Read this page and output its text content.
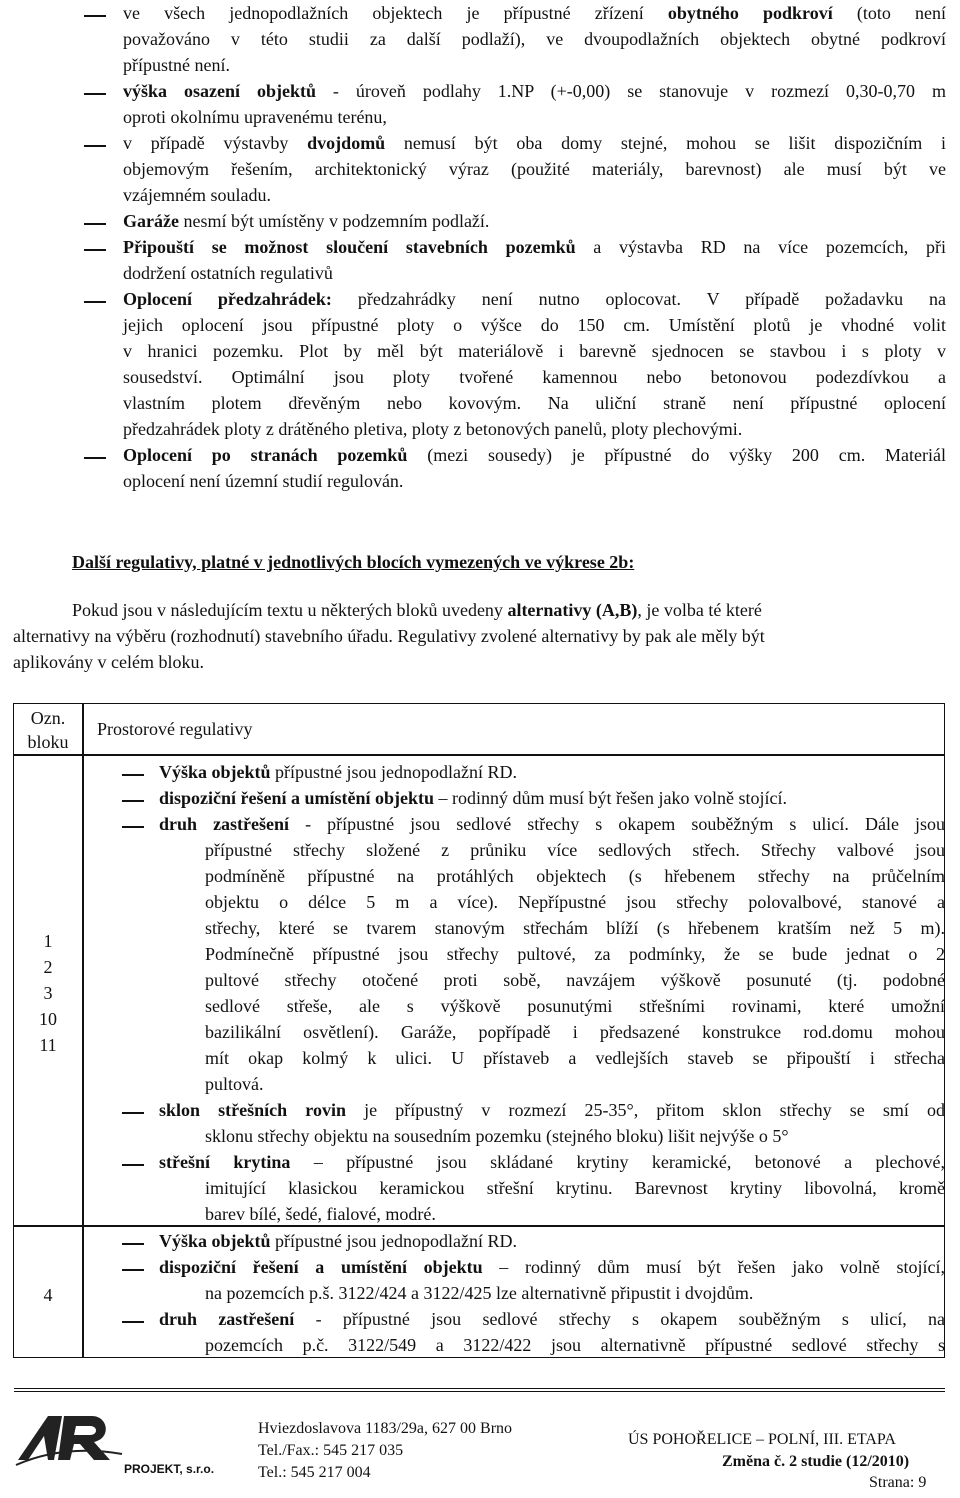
ve všech jednopodlažních objektech je přípustné zřízení obytného podkroví (toto není
považováno v této studii za další podlaží), ve dvoupodlažních objektech obytné podkroví
přípustné není.
výška osazení objektů - úroveň podlahy 1.NP (+-0,00) se stanovuje v rozmezí 0,30-0,70 m
oproti okolnímu upravenému terénu,
v případě výstavby dvojdomů nemusí být oba domy stejné, mohou se lišit dispozičním i
objemovým řešením, architektonický výraz (použité materiály, barevnost) ale musí být ve
vzájemném souladu.
Garáže nesmí být umístěny v podzemním podlaží.
Připouští se možnost sloučení stavebních pozemků a výstavba RD na více pozemcích, při
dodržení ostatních regulativů
Oplocení předzahrádek: předzahrádky není nutno oplocovat. V případě požadavku na
jejich oplocení jsou přípustné ploty o výšce do 150 cm. Umístění plotů je vhodné volit
v hranici pozemku. Plot by měl být materiálově i barevně sjednocen se stavbou i s ploty v
sousedství. Optimální jsou ploty tvořené kamennou nebo betonovou podezdívkou a
vlastním plotem dřevěným nebo kovovým. Na uliční straně není přípustné oplocení
předzahrádek ploty z drátěného pletiva, ploty z betonových panelů, ploty plechovými.
Oplocení po stranách pozemků (mezi sousedy) je přípustné do výšky 200 cm. Materiál
oplocení není územní studií regulován.
Další regulativy, platné v jednotlivých blocích vymezených ve výkrese 2b:
Pokud jsou v následujícím textu u některých bloků uvedeny alternativy (A,B), je volba té které
alternativy na výběru (rozhodnutí) stavebního úřadu. Regulativy zvolené alternativy by pak ale měly být
aplikovány v celém bloku.
Ozn.
bloku
Prostorové regulativy
1
2
3
10
11
Výška objektů přípustné jsou jednopodlažní RD.
dispoziční řešení a umístění objektu – rodinný dům musí být řešen jako volně stojící.
druh zastřešení - přípustné jsou sedlové střechy s okapem souběžným s ulicí. Dále jsou
přípustné střechy složené z průniku více sedlových střech. Střechy valbové jsou
podmíněně přípustné na protáhlých objektech (s hřebenem střechy na průčelním
objektu o délce 5 m a více). Nepřípustné jsou střechy polovalbové, stanové a
střechy, které se tvarem stanovým střechám blíží (s hřebenem kratším než 5 m).
Podmínečně přípustné jsou střechy pultové, za podmínky, že se bude jednat o 2
pultové střechy otočené proti sobě, navzájem výškově posunuté (tj. podobné
sedlové střeše, ale s výškově posunutými střešními rovinami, které umožní
bazilikální osvětlení). Garáže, popřípadě i předsazené konstrukce rod.domu mohou
mít okap kolmý k ulici. U přístaveb a vedlejších staveb se připouští i střecha
pultová.
sklon střešních rovin je přípustný v rozmezí 25-35°, přitom sklon střechy se smí od
sklonu střechy objektu na sousedním pozemku (stejného bloku) lišit nejvýše o 5°
střešní krytina – přípustné jsou skládané krytiny keramické, betonové a plechové,
imitující klasickou keramickou střešní krytinu. Barevnost krytiny libovolná, kromě
barev bílé, šedé, fialové, modré.
4
Výška objektů přípustné jsou jednopodlažní RD.
dispoziční řešení a umístění objektu – rodinný dům musí být řešen jako volně stojící,
na pozemcích p.š. 3122/424 a 3122/425 lze alternativně připustit i dvojdům.
druh zastřešení - přípustné jsou sedlové střechy s okapem souběžným s ulicí, na
pozemcích p.č. 3122/549 a 3122/422 jsou alternativně přípustné sedlové střechy s
PROJEKT, s.r.o.
Hviezdoslavova 1183/29a, 627 00 Brno
Tel./Fax.: 545 217 035
Tel.: 545 217 004
ÚS POHOŘELICE – POLNÍ, III. ETAPA
Změna č. 2 studie (12/2010)
Strana: 9
